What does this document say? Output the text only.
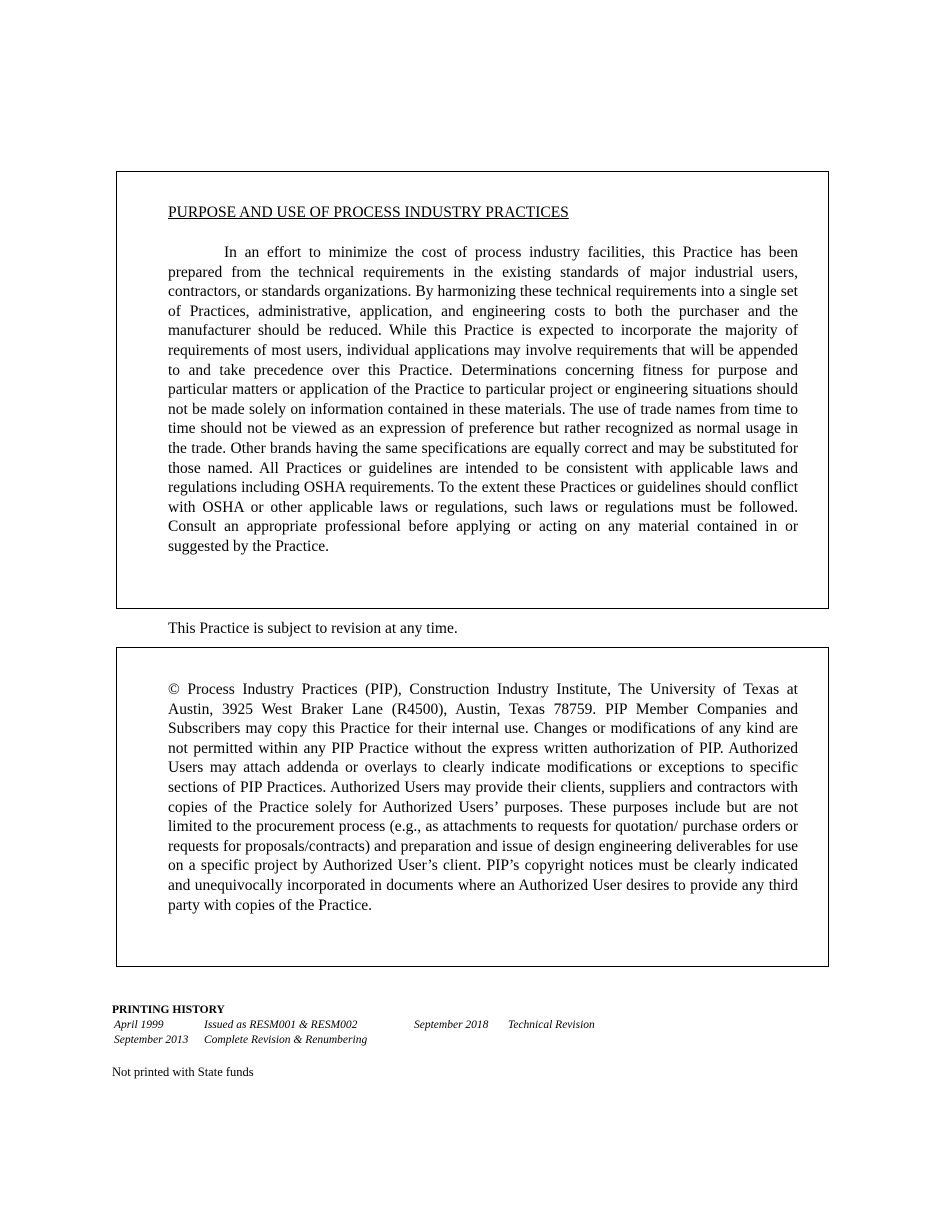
PURPOSE AND USE OF PROCESS INDUSTRY PRACTICES

In an effort to minimize the cost of process industry facilities, this Practice has been prepared from the technical requirements in the existing standards of major industrial users, contractors, or standards organizations. By harmonizing these technical requirements into a single set of Practices, administrative, application, and engineering costs to both the purchaser and the manufacturer should be reduced. While this Practice is expected to incorporate the majority of requirements of most users, individual applications may involve requirements that will be appended to and take precedence over this Practice. Determinations concerning fitness for purpose and particular matters or application of the Practice to particular project or engineering situations should not be made solely on information contained in these materials. The use of trade names from time to time should not be viewed as an expression of preference but rather recognized as normal usage in the trade. Other brands having the same specifications are equally correct and may be substituted for those named. All Practices or guidelines are intended to be consistent with applicable laws and regulations including OSHA requirements. To the extent these Practices or guidelines should conflict with OSHA or other applicable laws or regulations, such laws or regulations must be followed. Consult an appropriate professional before applying or acting on any material contained in or suggested by the Practice.

This Practice is subject to revision at any time.

© Process Industry Practices (PIP), Construction Industry Institute, The University of Texas at Austin, 3925 West Braker Lane (R4500), Austin, Texas 78759. PIP Member Companies and Subscribers may copy this Practice for their internal use. Changes or modifications of any kind are not permitted within any PIP Practice without the express written authorization of PIP. Authorized Users may attach addenda or overlays to clearly indicate modifications or exceptions to specific sections of PIP Practices. Authorized Users may provide their clients, suppliers and contractors with copies of the Practice solely for Authorized Users’ purposes. These purposes include but are not limited to the procurement process (e.g., as attachments to requests for quotation/ purchase orders or requests for proposals/contracts) and preparation and issue of design engineering deliverables for use on a specific project by Authorized User’s client. PIP’s copyright notices must be clearly indicated and unequivocally incorporated in documents where an Authorized User desires to provide any third party with copies of the Practice.

PRINTING HISTORY
April 1999	Issued as RESM001 & RESM002	September 2018 Technical Revision
September 2013 Complete Revision & Renumbering
Not printed with State funds
